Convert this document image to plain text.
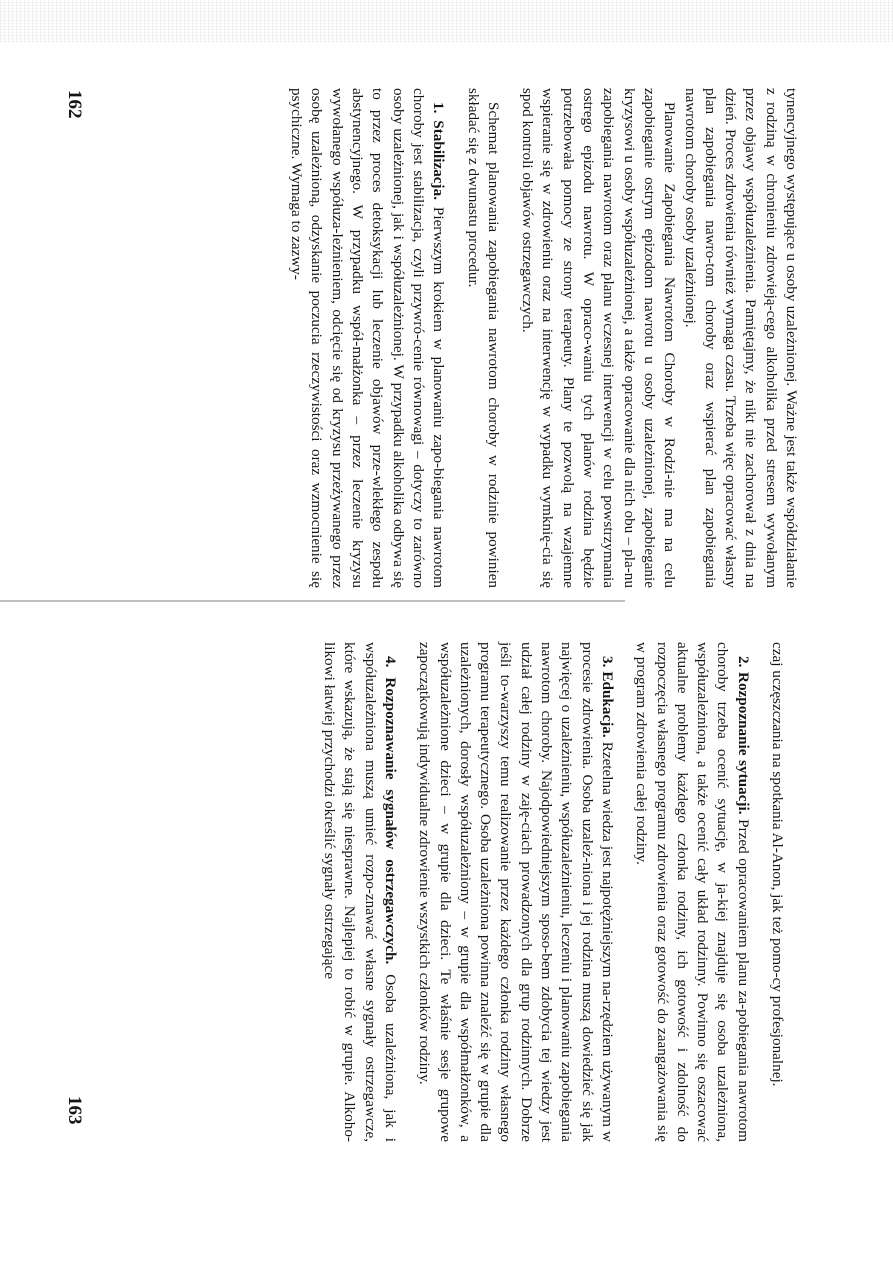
tynencyjnego występujące u osoby uzależnionej. Ważne jest także współdziałanie z rodziną w chronieniu zdrowieją-cego alkoholika przed stresem wywołanym przez objawy współuzależnienia. Pamiętajmy, że nikt nie zachorował z dnia na dzień. Proces zdrowienia również wymaga czasu. Trzeba więc opracować własny plan zapobiegania nawro-tom choroby oraz wspierać plan zapobiegania nawrotom choroby osoby uzależnionej.

Planowanie Zapobiegania Nawrotom Choroby w Rodzi-nie ma na celu zapobieganie ostrym epizodom nawrotu u osoby uzależnionej, zapobieganie kryzysowi u osoby współuzależnionej, a także opracowanie dla nich obu – pla-nu zapobiegania nawrotom oraz planu wczesnej interwencji w celu powstrzymania ostrego epizodu nawrotu. W opraco-waniu tych planów rodzina będzie potrzebowała pomocy ze strony terapeuty. Plany te pozwolą na wzajemne wspieranie się w zdrowieniu oraz na interwencję w wypadku wymknię-cia się spod kontroli objawów ostrzegawczych.

Schemat planowania zapobiegania nawrotom choroby w rodzinie powinien składać się z dwunastu procedur.

1. Stabilizacja. Pierwszym krokiem w planowaniu zapo-biegania nawrotom choroby jest stabilizacja, czyli przywró-cenie równowagi – dotyczy to zarówno osoby uzależnionej, jak i współuzależnionej. W przypadku alkoholika odbywa się to przez proces detoksykacji lub leczenie objawów prze-wlekłego zespołu abstynencyjnego. W przypadku współ-małżonka – przez leczenie kryzysu wywołanego współuza-leżnieniem, odcięcie się od kryzysu przeżywanego przez osobę uzależnioną, odzyskanie poczucia rzeczywistości oraz wzmocnienie się psychiczne. Wymaga to zazwy-

162

czaj uczęszczania na spotkania Al-Anon, jak też pomo-cy profesjonalnej.

2. Rozpoznanie sytuacji. Przed opracowaniem planu za-pobiegania nawrotom choroby trzeba ocenić sytuację, w ja-kiej znajduje się osoba uzależniona, współuzależniona, a także ocenić cały układ rodzinny. Powinno się oszacować aktualne problemy każdego członka rodziny, ich gotowość i zdolność do rozpoczęcia własnego programu zdrowienia oraz gotowość do zaangażowania się w program zdrowienia całej rodziny.

3. Edukacja. Rzetelna wiedza jest najpotężniejszym na-rzędziem używanym w procesie zdrowienia. Osoba uzależ-niona i jej rodzina muszą dowiedzieć się jak najwięcej o uzależnieniu, współuzależnieniu, leczeniu i planowaniu zapobiegania nawrotom choroby. Najodpowiedniejszym sposo-bem zdobycia tej wiedzy jest udział całej rodziny w zaję-ciach prowadzonych dla grup rodzinnych. Dobrze jeśli to-warzyszy temu realizowanie przez każdego członka rodziny własnego programu terapeutycznego. Osoba uzależniona powinna znaleźć się w grupie dla uzależnionych, dorosły współuzależniony – w grupie dla współmałżonków, a współuzależnione dzieci – w grupie dla dzieci. Te właśnie sesje grupowe zapoczątkowują indywidualne zdrowienie wszystkich członków rodziny.

4. Rozpoznawanie sygnałów ostrzegawczych. Osoba uzależniona, jak i współuzależniona muszą umieć rozpo-znawać własne sygnały ostrzegawcze, które wskazują, że stają się niesprawne. Najlepiej to robić w grupie. Alkoho-likowi łatwiej przychodzi określić sygnały ostrzegające

163
